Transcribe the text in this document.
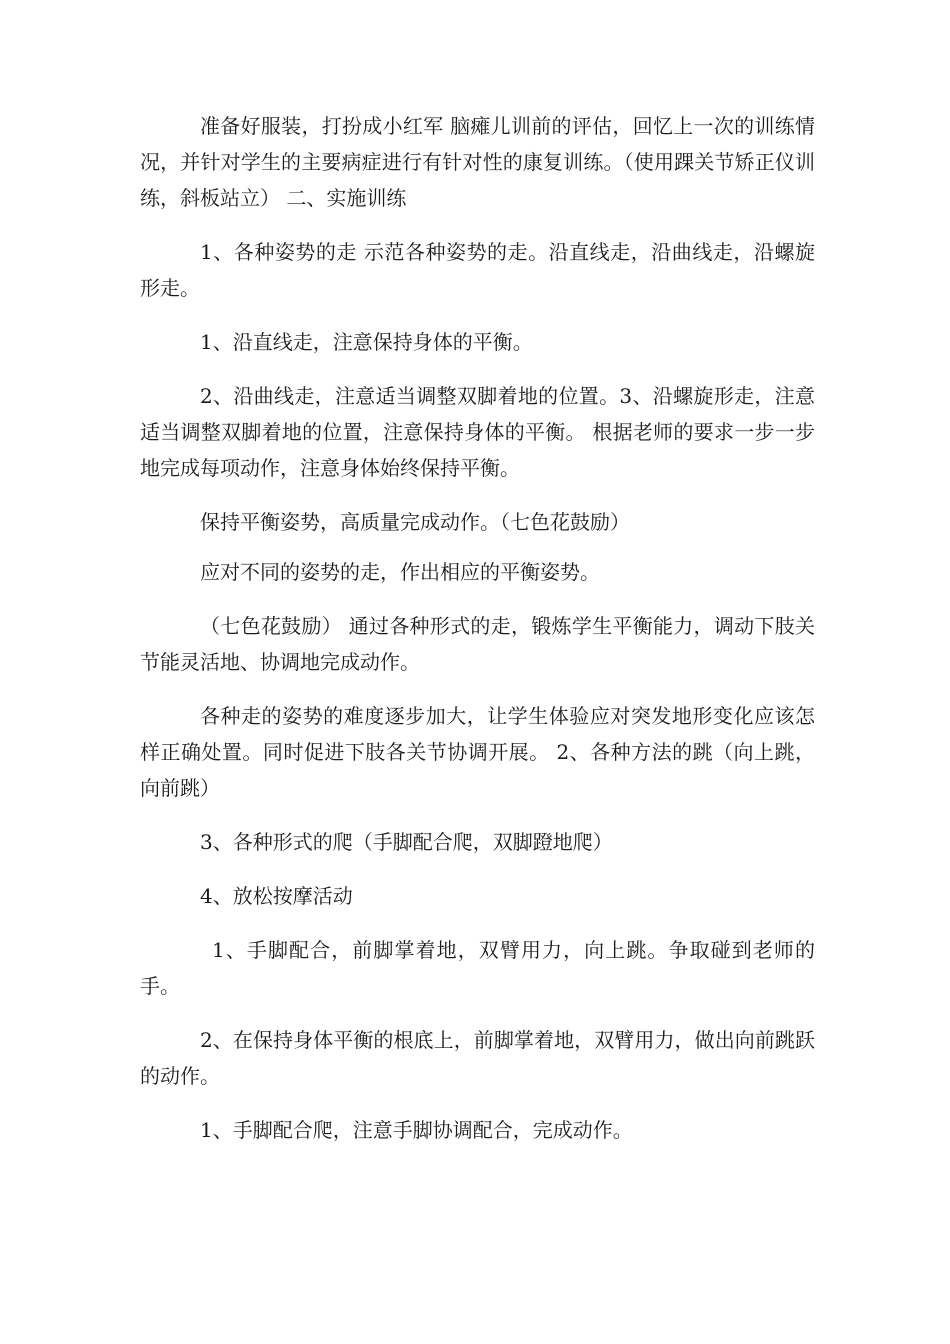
准备好服装，打扮成小红军 脑瘫儿训前的评估，回忆上一次的训练情况，并针对学生的主要病症进行有针对性的康复训练。（使用踝关节矫正仪训练，斜板站立） 二、实施训练

1、各种姿势的走 示范各种姿势的走。沿直线走，沿曲线走，沿螺旋形走。

1、沿直线走，注意保持身体的平衡。

2、沿曲线走，注意适当调整双脚着地的位置。3、沿螺旋形走，注意适当调整双脚着地的位置，注意保持身体的平衡。 根据老师的要求一步一步地完成每项动作，注意身体始终保持平衡。

保持平衡姿势，高质量完成动作。（七色花鼓励）

应对不同的姿势的走，作出相应的平衡姿势。

（七色花鼓励） 通过各种形式的走，锻炼学生平衡能力，调动下肢关节能灵活地、协调地完成动作。

各种走的姿势的难度逐步加大，让学生体验应对突发地形变化应该怎样正确处置。同时促进下肢各关节协调开展。 2、各种方法的跳（向上跳，向前跳）

3、各种形式的爬（手脚配合爬，双脚蹬地爬）

4、放松按摩活动

1、手脚配合，前脚掌着地，双臂用力，向上跳。争取碰到老师的手。

2、在保持身体平衡的根底上，前脚掌着地，双臂用力，做出向前跳跃的动作。

1、手脚配合爬，注意手脚协调配合，完成动作。
